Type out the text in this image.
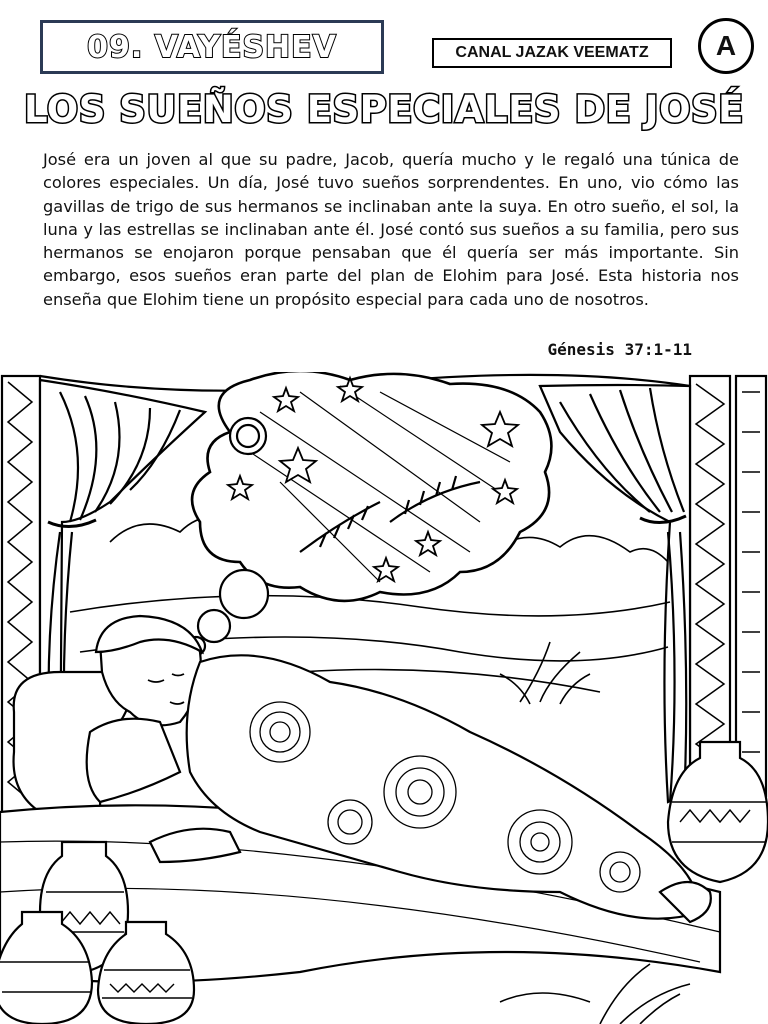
09. VAYÉSHEV	CANAL JAZAK VEEMATZ	A
LOS SUEÑOS ESPECIALES DE JOSÉ

José era un joven al que su padre, Jacob, quería mucho y le regaló una túnica de colores especiales. Un día, José tuvo sueños sorprendentes. En uno, vio cómo las gavillas de trigo de sus hermanos se inclinaban ante la suya. En otro sueño, el sol, la luna y las estrellas se inclinaban ante él. José contó sus sueños a su familia, pero sus hermanos se enojaron porque pensaban que él quería ser más importante. Sin embargo, esos sueños eran parte del plan de Elohim para José. Esta historia nos enseña que Elohim tiene un propósito especial para cada uno de nosotros.

Génesis 37:1-11
